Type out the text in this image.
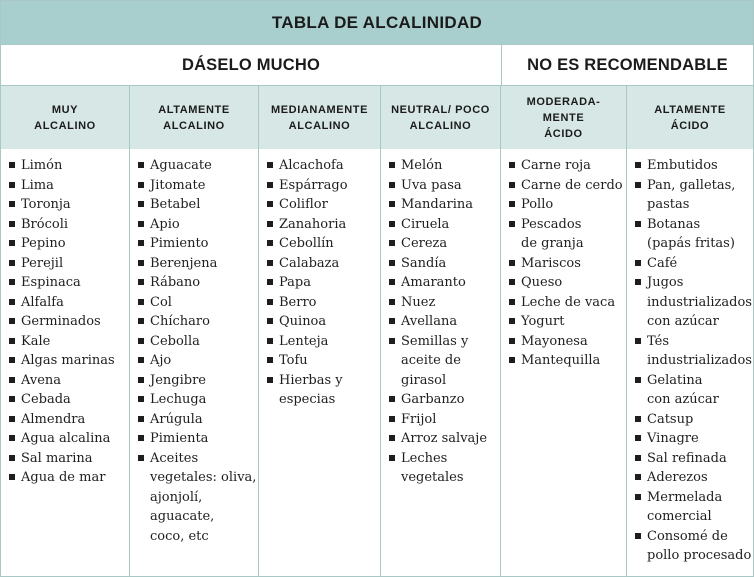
TABLA DE ALCALINIDAD
DÁSELO MUCHO	NO ES RECOMENDABLE
MUY
ALCALINO
ALTAMENTE
ALCALINO
MEDIANAMENTE
ALCALINO
NEUTRAL/ POCO
ALCALINO
MODERADA-
MENTE
ÁCIDO
ALTAMENTE
ÁCIDO
Limón
Lima
Toronja
Brócoli
Pepino
Perejil
Espinaca
Alfalfa
Germinados
Kale
Algas marinas
Avena
Cebada
Almendra
Agua alcalina
Sal marina
Agua de mar
Aguacate
Jitomate
Betabel
Apio
Pimiento
Berenjena
Rábano
Col
Chícharo
Cebolla
Ajo
Jengibre
Lechuga
Arúgula
Pimienta
Aceites
vegetales: oliva,
ajonjolí, aguacate,
coco, etc
Alcachofa
Espárrago
Coliflor
Zanahoria
Cebollín
Calabaza
Papa
Berro
Quinoa
Lenteja
Tofu
Hierbas y
especias
Melón
Uva pasa
Mandarina
Ciruela
Cereza
Sandía
Amaranto
Nuez
Avellana
Semillas y
aceite de
girasol
Garbanzo
Frijol
Arroz salvaje
Leches
vegetales
Carne roja
Carne de cerdo
Pollo
Pescados
de granja
Mariscos
Queso
Leche de vaca
Yogurt
Mayonesa
Mantequilla
Embutidos
Pan, galletas,
pastas
Botanas
(papás fritas)
Café
Jugos
industrializados
con azúcar
Tés
industrializados
Gelatina
con azúcar
Catsup
Vinagre
Sal refinada
Aderezos
Mermelada
comercial
Consomé de
pollo procesado
